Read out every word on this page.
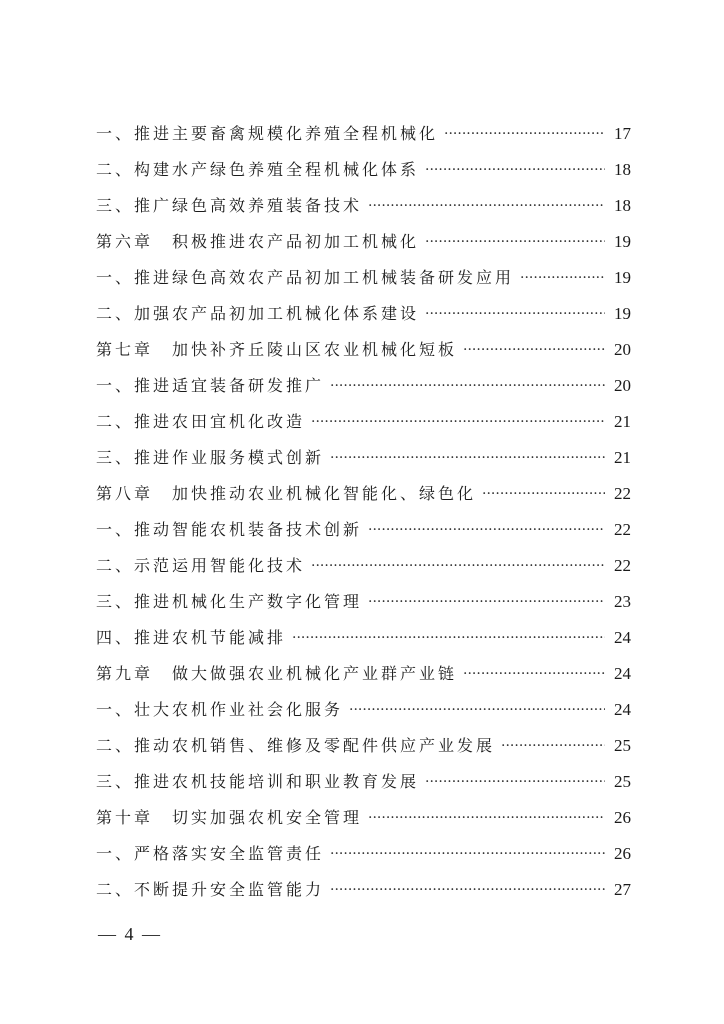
一、推进主要畜禽规模化养殖全程机械化 ·····	17
二、构建水产绿色养殖全程机械化体系 ·····	18
三、推广绿色高效养殖装备技术 ·····	18
第六章　积极推进农产品初加工机械化 ·····	19
一、推进绿色高效农产品初加工机械装备研发应用 ·····	19
二、加强农产品初加工机械化体系建设 ·····	19
第七章　加快补齐丘陵山区农业机械化短板 ·····	20
一、推进适宜装备研发推广 ·····	20
二、推进农田宜机化改造 ·····	21
三、推进作业服务模式创新 ·····	21
第八章　加快推动农业机械化智能化、绿色化 ·····	22
一、推动智能农机装备技术创新 ·····	22
二、示范运用智能化技术 ·····	22
三、推进机械化生产数字化管理 ·····	23
四、推进农机节能减排 ·····	24
第九章　做大做强农业机械化产业群产业链 ·····	24
一、壮大农机作业社会化服务 ·····	24
二、推动农机销售、维修及零配件供应产业发展 ·····	25
三、推进农机技能培训和职业教育发展 ·····	25
第十章　切实加强农机安全管理 ·····	26
一、严格落实安全监管责任 ·····	26
二、不断提升安全监管能力 ·····	27
— 4 —
